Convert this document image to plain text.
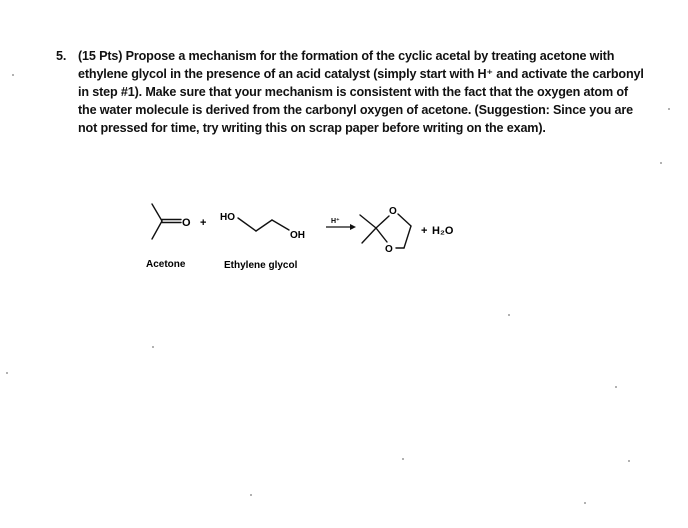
5. (15 Pts) Propose a mechanism for the formation of the cyclic acetal by treating acetone with
ethylene glycol in the presence of an acid catalyst (simply start with H⁺ and activate the carbonyl
in step #1). Make sure that your mechanism is consistent with the fact that the oxygen atom of
the water molecule is derived from the carbonyl oxygen of acetone. (Suggestion: Since you are
not pressed for time, try writing this on scrap paper before writing on the exam).
O + HO
OH
H⁺
O
O
+ H₂O
Acetone	Ethylene glycol
